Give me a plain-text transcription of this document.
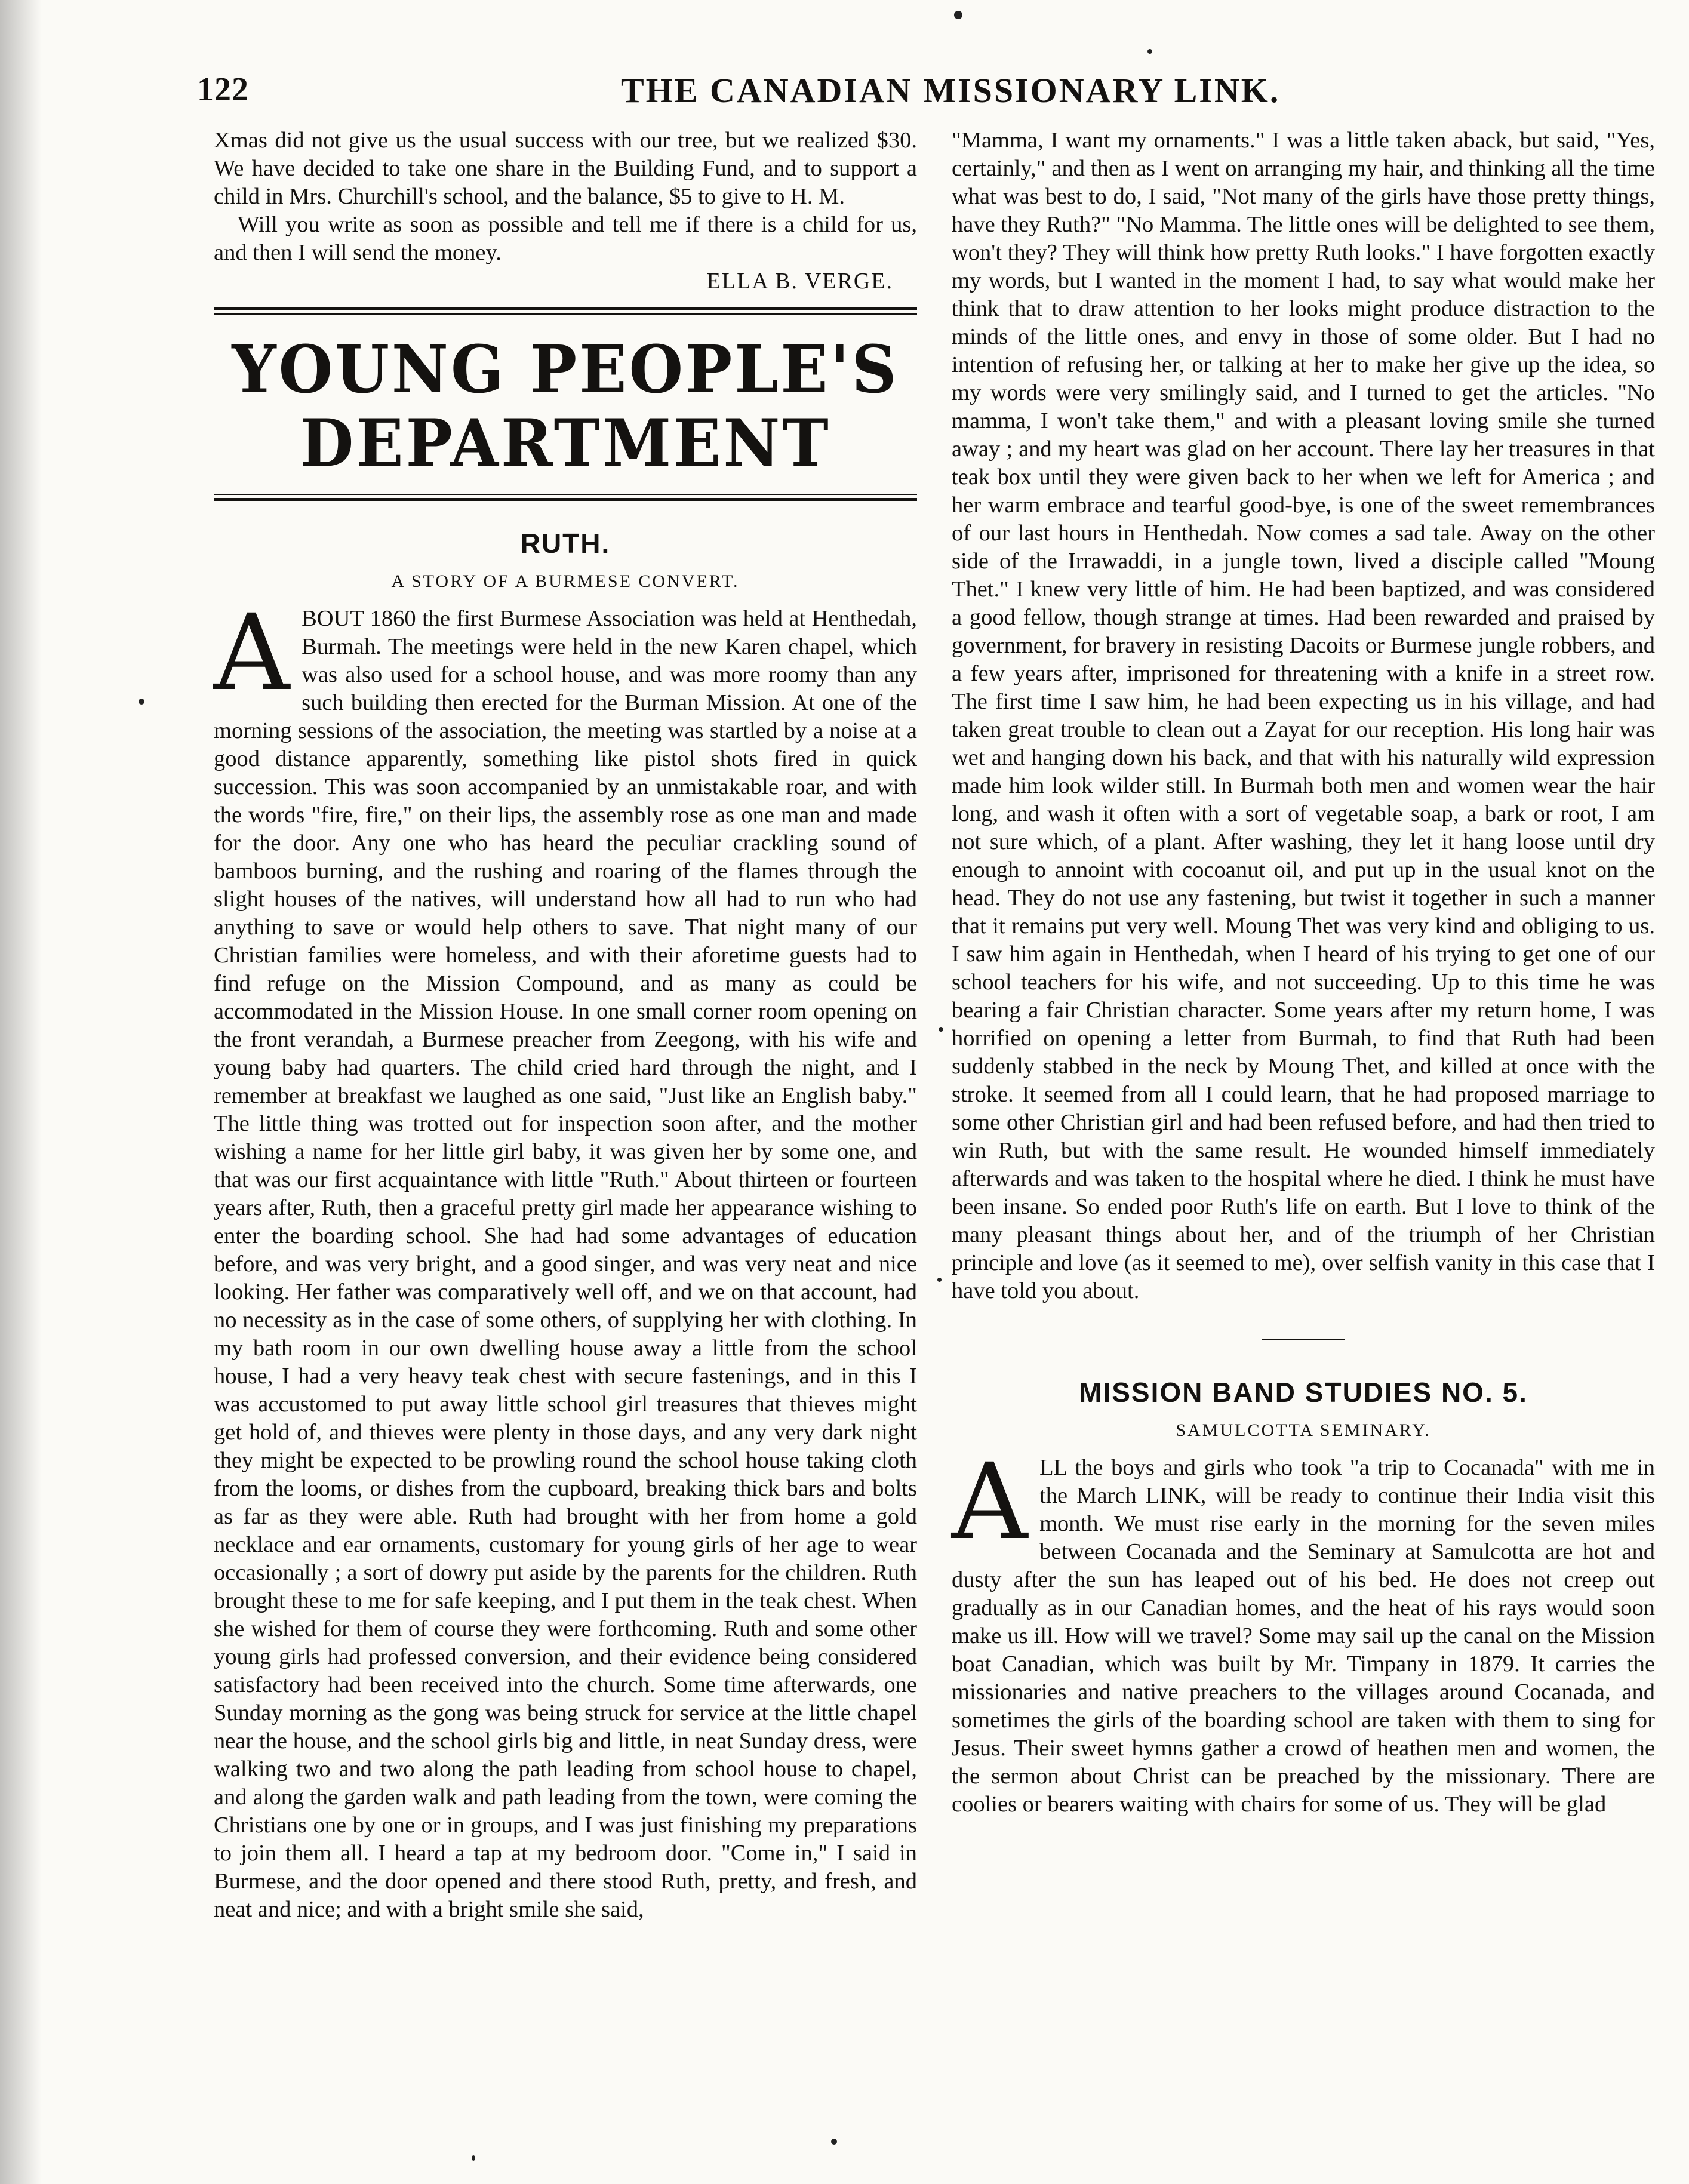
122	THE CANADIAN MISSIONARY LINK.

Xmas did not give us the usual success with our tree, but we realized $30. We have decided to take one share in the Building Fund, and to support a child in Mrs. Churchill's school, and the balance, $5 to give to H. M.

Will you write as soon as possible and tell me if there is a child for us, and then I will send the money.

ELLA B. VERGE.

YOUNG PEOPLE'S DEPARTMENT
RUTH.
A STORY OF A BURMESE CONVERT.

ABOUT 1860 the first Burmese Association was held at Henthedah, Burmah. The meetings were held in the new Karen chapel, which was also used for a school house, and was more roomy than any such building then erected for the Burman Mission. At one of the morning sessions of the association, the meeting was startled by a noise at a good distance apparently, something like pistol shots fired in quick succession. This was soon accompanied by an unmistakable roar, and with the words "fire, fire," on their lips, the assembly rose as one man and made for the door. Any one who has heard the peculiar crackling sound of bamboos burning, and the rushing and roaring of the flames through the slight houses of the natives, will understand how all had to run who had anything to save or would help others to save. That night many of our Christian families were homeless, and with their aforetime guests had to find refuge on the Mission Compound, and as many as could be accommodated in the Mission House. In one small corner room opening on the front verandah, a Burmese preacher from Zeegong, with his wife and young baby had quarters. The child cried hard through the night, and I remember at breakfast we laughed as one said, "Just like an English baby." The little thing was trotted out for inspection soon after, and the mother wishing a name for her little girl baby, it was given her by some one, and that was our first acquaintance with little "Ruth." About thirteen or fourteen years after, Ruth, then a graceful pretty girl made her appearance wishing to enter the boarding school. She had had some advantages of education before, and was very bright, and a good singer, and was very neat and nice looking. Her father was comparatively well off, and we on that account, had no necessity as in the case of some others, of supplying her with clothing. In my bath room in our own dwelling house away a little from the school house, I had a very heavy teak chest with secure fastenings, and in this I was accustomed to put away little school girl treasures that thieves might get hold of, and thieves were plenty in those days, and any very dark night they might be expected to be prowling round the school house taking cloth from the looms, or dishes from the cupboard, breaking thick bars and bolts as far as they were able. Ruth had brought with her from home a gold necklace and ear ornaments, customary for young girls of her age to wear occasionally ; a sort of dowry put aside by the parents for the children. Ruth brought these to me for safe keeping, and I put them in the teak chest. When she wished for them of course they were forthcoming. Ruth and some other young girls had professed conversion, and their evidence being considered satisfactory had been received into the church. Some time afterwards, one Sunday morning as the gong was being struck for service at the little chapel near the house, and the school girls big and little, in neat Sunday dress, were walking two and two along the path leading from school house to chapel, and along the garden walk and path leading from the town, were coming the Christians one by one or in groups, and I was just finishing my preparations to join them all. I heard a tap at my bedroom door. "Come in," I said in Burmese, and the door opened and there stood Ruth, pretty, and fresh, and neat and nice; and with a bright smile she said,

"Mamma, I want my ornaments." I was a little taken aback, but said, "Yes, certainly," and then as I went on arranging my hair, and thinking all the time what was best to do, I said, "Not many of the girls have those pretty things, have they Ruth?" "No Mamma. The little ones will be delighted to see them, won't they? They will think how pretty Ruth looks." I have forgotten exactly my words, but I wanted in the moment I had, to say what would make her think that to draw attention to her looks might produce distraction to the minds of the little ones, and envy in those of some older. But I had no intention of refusing her, or talking at her to make her give up the idea, so my words were very smilingly said, and I turned to get the articles. "No mamma, I won't take them," and with a pleasant loving smile she turned away ; and my heart was glad on her account. There lay her treasures in that teak box until they were given back to her when we left for America ; and her warm embrace and tearful good-bye, is one of the sweet remembrances of our last hours in Henthedah. Now comes a sad tale. Away on the other side of the Irrawaddi, in a jungle town, lived a disciple called "Moung Thet." I knew very little of him. He had been baptized, and was considered a good fellow, though strange at times. Had been rewarded and praised by government, for bravery in resisting Dacoits or Burmese jungle robbers, and a few years after, imprisoned for threatening with a knife in a street row. The first time I saw him, he had been expecting us in his village, and had taken great trouble to clean out a Zayat for our reception. His long hair was wet and hanging down his back, and that with his naturally wild expression made him look wilder still. In Burmah both men and women wear the hair long, and wash it often with a sort of vegetable soap, a bark or root, I am not sure which, of a plant. After washing, they let it hang loose until dry enough to annoint with cocoanut oil, and put up in the usual knot on the head. They do not use any fastening, but twist it together in such a manner that it remains put very well. Moung Thet was very kind and obliging to us. I saw him again in Henthedah, when I heard of his trying to get one of our school teachers for his wife, and not succeeding. Up to this time he was bearing a fair Christian character. Some years after my return home, I was horrified on opening a letter from Burmah, to find that Ruth had been suddenly stabbed in the neck by Moung Thet, and killed at once with the stroke. It seemed from all I could learn, that he had proposed marriage to some other Christian girl and had been refused before, and had then tried to win Ruth, but with the same result. He wounded himself immediately afterwards and was taken to the hospital where he died. I think he must have been insane. So ended poor Ruth's life on earth. But I love to think of the many pleasant things about her, and of the triumph of her Christian principle and love (as it seemed to me), over selfish vanity in this case that I have told you about.

MISSION BAND STUDIES NO. 5.
SAMULCOTTA SEMINARY.

ALL the boys and girls who took "a trip to Cocanada" with me in the March LINK, will be ready to continue their India visit this month. We must rise early in the morning for the seven miles between Cocanada and the Seminary at Samulcotta are hot and dusty after the sun has leaped out of his bed. He does not creep out gradually as in our Canadian homes, and the heat of his rays would soon make us ill. How will we travel? Some may sail up the canal on the Mission boat Canadian, which was built by Mr. Timpany in 1879. It carries the missionaries and native preachers to the villages around Cocanada, and sometimes the girls of the boarding school are taken with them to sing for Jesus. Their sweet hymns gather a crowd of heathen men and women, the the sermon about Christ can be preached by the missionary. There are coolies or bearers waiting with chairs for some of us. They will be glad
